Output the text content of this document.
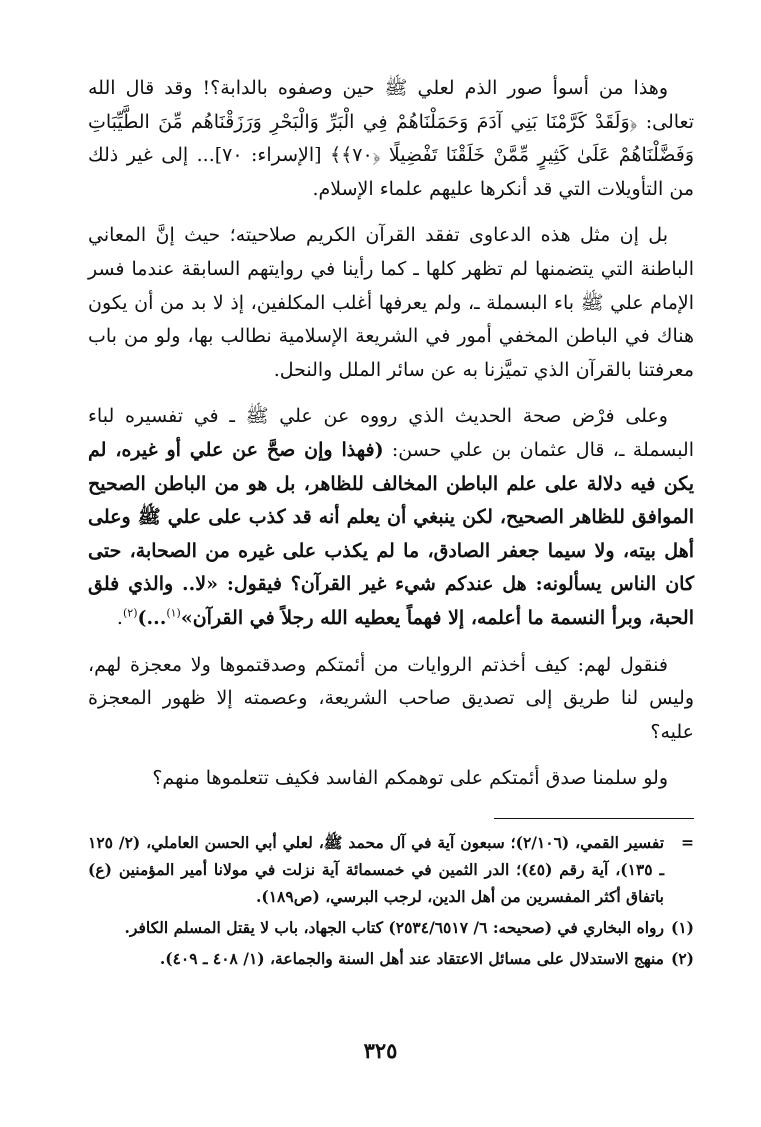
وهذا من أسوأ صور الذم لعلي ﷺ حين وصفوه بالدابة؟! وقد قال الله تعالى: ﴿وَلَقَدْ كَرَّمْنَا بَنِي آدَمَ وَحَمَلْنَاهُمْ فِي الْبَرِّ وَالْبَحْرِ وَرَزَقْنَاهُم مِّنَ الطَّيِّبَاتِ وَفَضَّلْنَاهُمْ عَلَىٰ كَثِيرٍ مِّمَّنْ خَلَقْنَا تَفْضِيلًا ﴿٧٠﴾﴾ [الإسراء: ٧٠]... إلى غير ذلك من التأويلات التي قد أنكرها عليهم علماء الإسلام.

بل إن مثل هذه الدعاوى تفقد القرآن الكريم صلاحيته؛ حيث إنَّ المعاني الباطنة التي يتضمنها لم تظهر كلها ـ كما رأينا في روايتهم السابقة عندما فسر الإمام علي ﷺ باء البسملة ـ، ولم يعرفها أغلب المكلفين، إذ لا بد من أن يكون هناك في الباطن المخفي أمور في الشريعة الإسلامية نطالب بها، ولو من باب معرفتنا بالقرآن الذي تميَّزنا به عن سائر الملل والنحل.

وعلى فرْض صحة الحديث الذي رووه عن علي ﷺ ـ في تفسيره لباء البسملة ـ، قال عثمان بن علي حسن: (فهذا وإن صحَّ عن علي أو غيره، لم يكن فيه دلالة على علم الباطن المخالف للظاهر، بل هو من الباطن الصحيح الموافق للظاهر الصحيح، لكن ينبغي أن يعلم أنه قد كذب على علي ﷺ وعلى أهل بيته، ولا سيما جعفر الصادق، ما لم يكذب على غيره من الصحابة، حتى كان الناس يسألونه: هل عندكم شيء غير القرآن؟ فيقول: «لا.. والذي فلق الحبة، وبرأ النسمة ما أعلمه، إلا فهماً يعطيه الله رجلاً في القرآن»$^{(١)}$...)$^{(٢)}$.

فنقول لهم: كيف أخذتم الروايات من أئمتكم وصدقتموها ولا معجزة لهم، وليس لنا طريق إلى تصديق صاحب الشريعة، وعصمته إلا ظهور المعجزة عليه؟

ولو سلمنا صدق أئمتكم على توهمكم الفاسد فكيف تتعلموها منهم؟

=
تفسير القمي، (٢/١٠٦)؛ سبعون آية في آل محمد ﷺ، لعلي أبي الحسن العاملي، (٢/ ١٢٥ ـ ١٣٥)، آية رقم (٤٥)؛ الدر الثمين في خمسمائة آية نزلت في مولانا أمير المؤمنين (ع) باتفاق أكثر المفسرين من أهل الدين، لرجب البرسي، (ص١٨٩).
(١)
رواه البخاري في (صحيحه: ٦/ ٢٥٣٤/٦٥١٧) كتاب الجهاد، باب لا يقتل المسلم الكافر.
(٢)
منهج الاستدلال على مسائل الاعتقاد عند أهل السنة والجماعة، (١/ ٤٠٨ ـ ٤٠٩).
٣٢٥
